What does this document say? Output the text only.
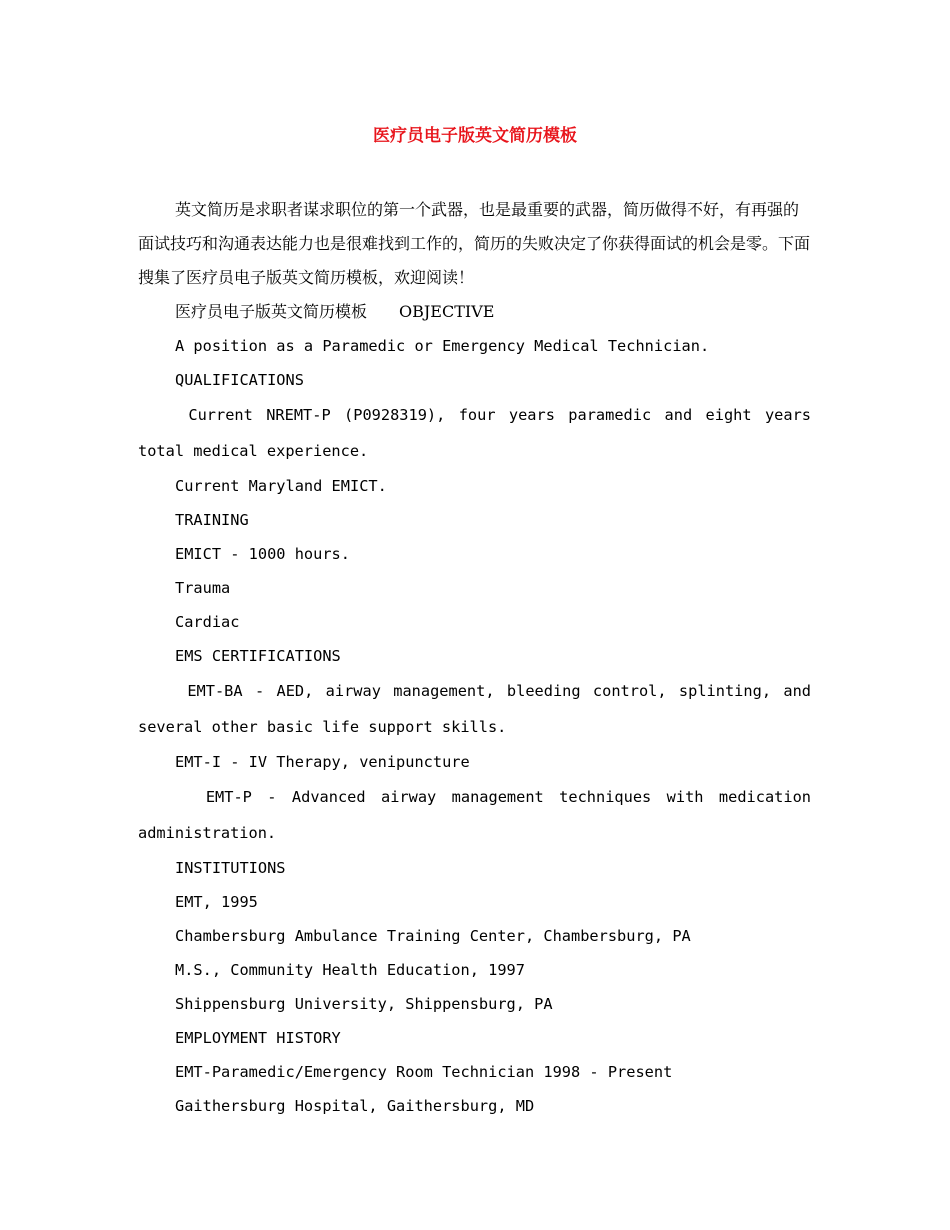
医疗员电子版英文简历模板

英文简历是求职者谋求职位的第一个武器，也是最重要的武器，简历做得不好，有再强的面试技巧和沟通表达能力也是很难找到工作的，简历的失败决定了你获得面试的机会是零。下面搜集了医疗员电子版英文简历模板，欢迎阅读！

医疗员电子版英文简历模板　　OBJECTIVE

A position as a Paramedic or Emergency Medical Technician.

QUALIFICATIONS

Current NREMT-P (P0928319), four years paramedic and eight years total medical experience.

Current Maryland EMICT.

TRAINING

EMICT - 1000 hours.

Trauma

Cardiac

EMS CERTIFICATIONS

EMT-BA - AED, airway management, bleeding control, splinting, and several other basic life support skills.

EMT-I - IV Therapy, venipuncture

EMT-P - Advanced airway management techniques with medication administration.

INSTITUTIONS

EMT, 1995

Chambersburg Ambulance Training Center, Chambersburg, PA

M.S., Community Health Education, 1997

Shippensburg University, Shippensburg, PA

EMPLOYMENT HISTORY

EMT-Paramedic/Emergency Room Technician 1998 - Present

Gaithersburg Hospital, Gaithersburg, MD
